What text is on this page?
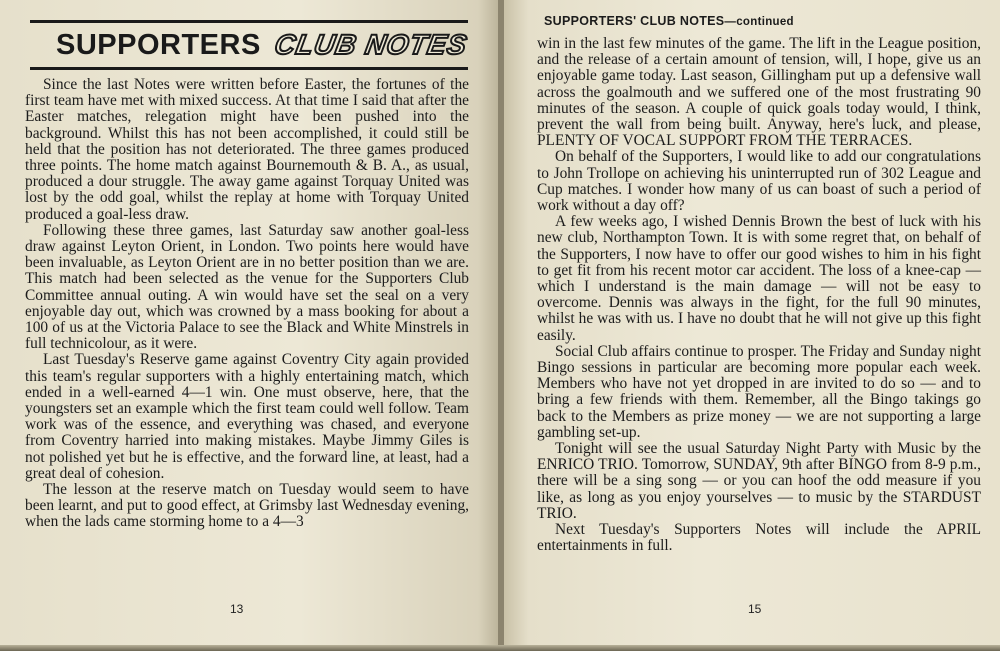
SUPPORTERS CLUB NOTES

Since the last Notes were written before Easter, the fortunes of the first team have met with mixed success. At that time I said that after the Easter matches, relegation might have been pushed into the background. Whilst this has not been accomplished, it could still be held that the position has not deteriorated. The three games produced three points. The home match against Bournemouth & B. A., as usual, produced a dour struggle. The away game against Torquay United was lost by the odd goal, whilst the replay at home with Torquay United produced a goal-less draw.

Following these three games, last Saturday saw another goal-less draw against Leyton Orient, in London. Two points here would have been invaluable, as Leyton Orient are in no better position than we are. This match had been selected as the venue for the Supporters Club Committee annual outing. A win would have set the seal on a very enjoyable day out, which was crowned by a mass booking for about a 100 of us at the Victoria Palace to see the Black and White Minstrels in full technicolour, as it were.

Last Tuesday's Reserve game against Coventry City again provided this team's regular supporters with a highly entertaining match, which ended in a well-earned 4—1 win. One must observe, here, that the youngsters set an example which the first team could well follow. Team work was of the essence, and everything was chased, and everyone from Coventry harried into making mistakes. Maybe Jimmy Giles is not polished yet but he is effective, and the forward line, at least, had a great deal of cohesion.

The lesson at the reserve match on Tuesday would seem to have been learnt, and put to good effect, at Grimsby last Wednesday evening, when the lads came storming home to a 4—3

13
SUPPORTERS' CLUB NOTES—continued

win in the last few minutes of the game. The lift in the League position, and the release of a certain amount of tension, will, I hope, give us an enjoyable game today. Last season, Gillingham put up a defensive wall across the goalmouth and we suffered one of the most frustrating 90 minutes of the season. A couple of quick goals today would, I think, prevent the wall from being built. Anyway, here's luck, and please, PLENTY OF VOCAL SUPPORT FROM THE TERRACES.

On behalf of the Supporters, I would like to add our congratulations to John Trollope on achieving his uninterrupted run of 302 League and Cup matches. I wonder how many of us can boast of such a period of work without a day off?

A few weeks ago, I wished Dennis Brown the best of luck with his new club, Northampton Town. It is with some regret that, on behalf of the Supporters, I now have to offer our good wishes to him in his fight to get fit from his recent motor car accident. The loss of a knee-cap — which I understand is the main damage — will not be easy to overcome. Dennis was always in the fight, for the full 90 minutes, whilst he was with us. I have no doubt that he will not give up this fight easily.

Social Club affairs continue to prosper. The Friday and Sunday night Bingo sessions in particular are becoming more popular each week. Members who have not yet dropped in are invited to do so — and to bring a few friends with them. Remember, all the Bingo takings go back to the Members as prize money — we are not supporting a large gambling set-up.

Tonight will see the usual Saturday Night Party with Music by the ENRICO TRIO. Tomorrow, SUNDAY, 9th after BINGO from 8-9 p.m., there will be a sing song — or you can hoof the odd measure if you like, as long as you enjoy yourselves — to music by the STARDUST TRIO.

Next Tuesday's Supporters Notes will include the APRIL entertainments in full.

15
